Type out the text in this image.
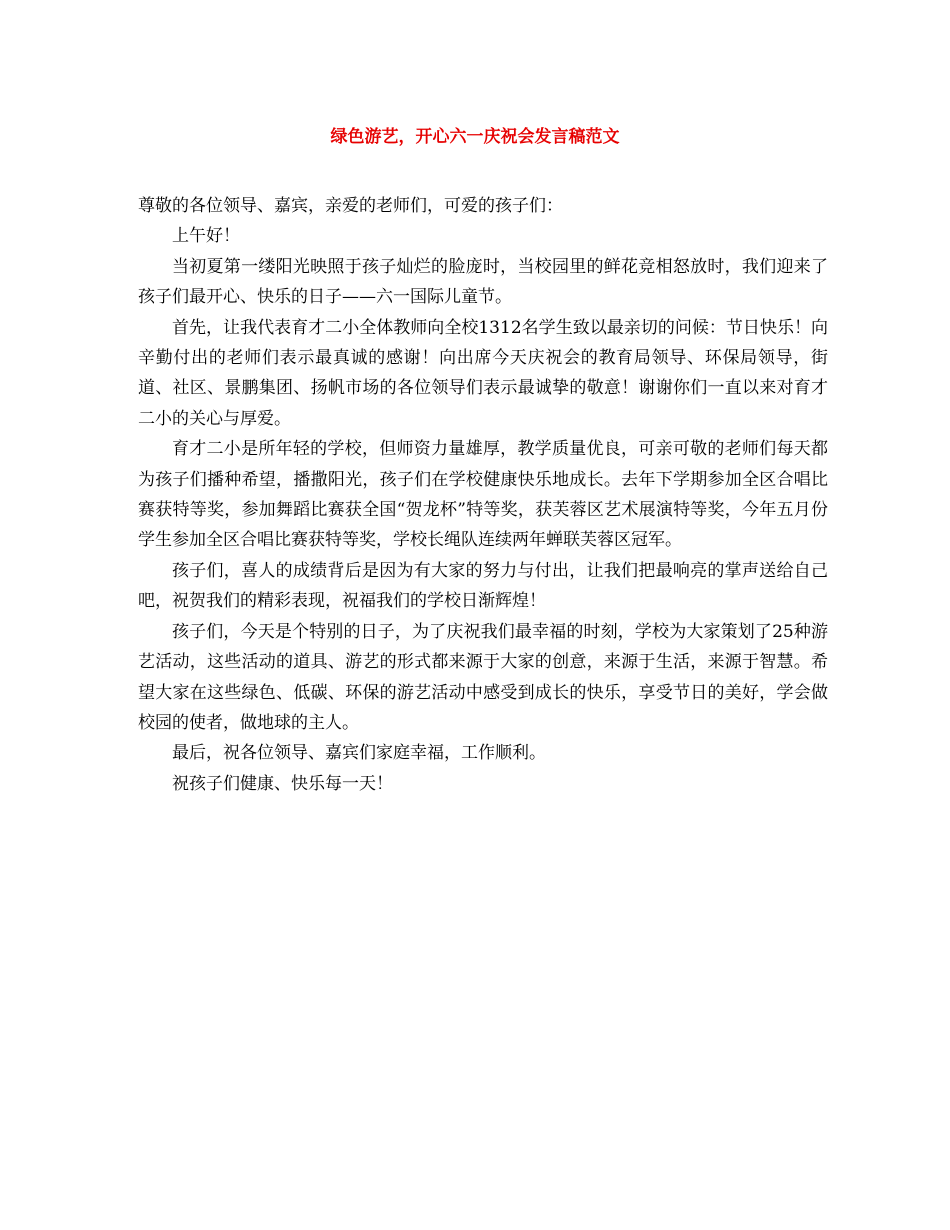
绿色游艺，开心六一庆祝会发言稿范文

尊敬的各位领导、嘉宾，亲爱的老师们，可爱的孩子们：

上午好！

当初夏第一缕阳光映照于孩子灿烂的脸庞时，当校园里的鲜花竞相怒放时，我们迎来了孩子们最开心、快乐的日子——六一国际儿童节。

首先，让我代表育才二小全体教师向全校1312名学生致以最亲切的问候：节日快乐！向辛勤付出的老师们表示最真诚的感谢！向出席今天庆祝会的教育局领导、环保局领导，街道、社区、景鹏集团、扬帆市场的各位领导们表示最诚挚的敬意！谢谢你们一直以来对育才二小的关心与厚爱。

育才二小是所年轻的学校，但师资力量雄厚，教学质量优良，可亲可敬的老师们每天都为孩子们播种希望，播撒阳光，孩子们在学校健康快乐地成长。去年下学期参加全区合唱比赛获特等奖，参加舞蹈比赛获全国“贺龙杯”特等奖，获芙蓉区艺术展演特等奖，今年五月份学生参加全区合唱比赛获特等奖，学校长绳队连续两年蝉联芙蓉区冠军。

孩子们，喜人的成绩背后是因为有大家的努力与付出，让我们把最响亮的掌声送给自己吧，祝贺我们的精彩表现，祝福我们的学校日渐辉煌！

孩子们，今天是个特别的日子，为了庆祝我们最幸福的时刻，学校为大家策划了25种游艺活动，这些活动的道具、游艺的形式都来源于大家的创意，来源于生活，来源于智慧。希望大家在这些绿色、低碳、环保的游艺活动中感受到成长的快乐，享受节日的美好，学会做校园的使者，做地球的主人。

最后，祝各位领导、嘉宾们家庭幸福，工作顺利。

祝孩子们健康、快乐每一天！
